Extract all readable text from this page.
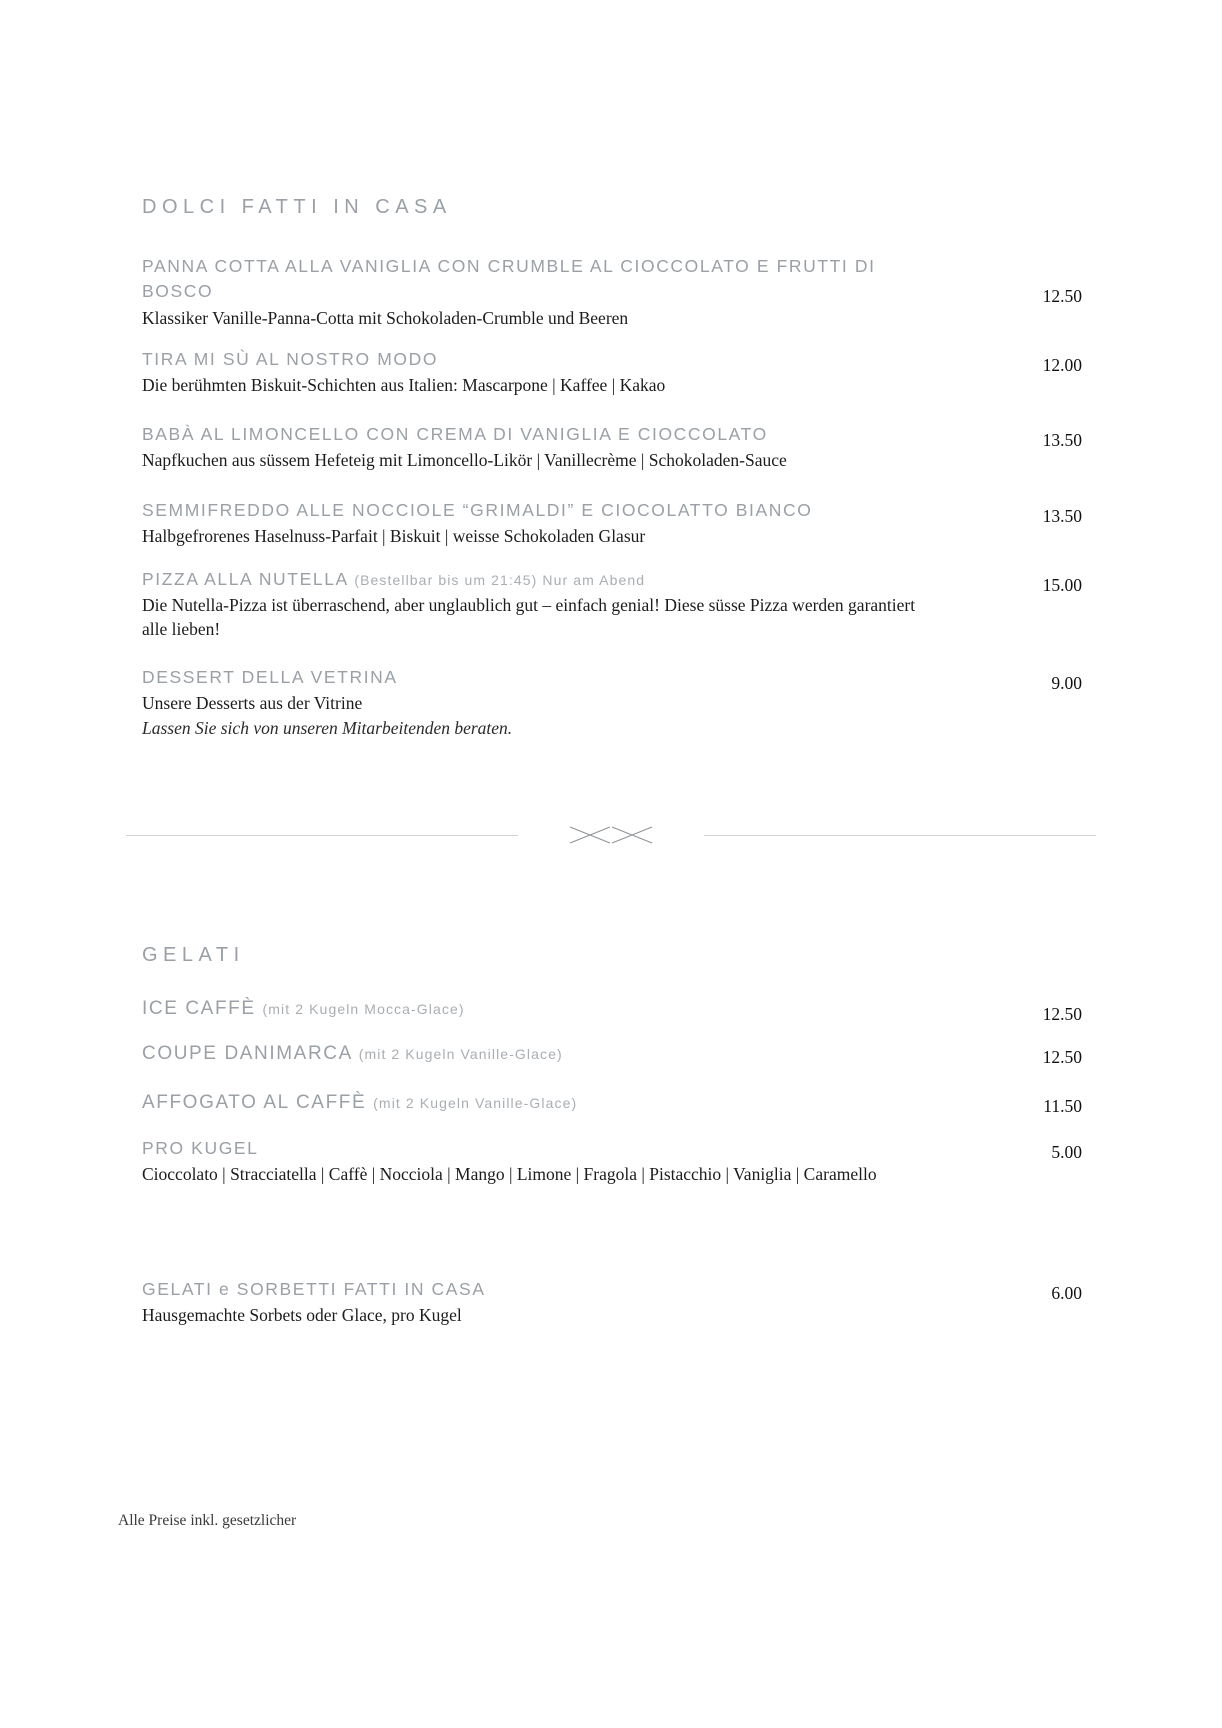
DOLCI FATTI IN CASA
PANNA COTTA ALLA VANIGLIA CON CRUMBLE AL CIOCCOLATO E FRUTTI DI BOSCO
Klassiker Vanille-Panna-Cotta mit Schokoladen-Crumble und Beeren
12.50
TIRA MI SÙ AL NOSTRO MODO
Die berühmten Biskuit-Schichten aus Italien: Mascarpone | Kaffee | Kakao
12.00
BABÀ AL LIMONCELLO CON CREMA DI VANIGLIA E CIOCCOLATO
Napfkuchen aus süssem Hefeteig mit Limoncello-Likör | Vanillecrème | Schokoladen-Sauce
13.50
SEMMIFREDDO ALLE NOCCIOLE “GRIMALDI” E CIOCOLATTO BIANCO
Halbgefrorenes Haselnuss-Parfait | Biskuit | weisse Schokoladen Glasur
13.50
PIZZA ALLA NUTELLA (Bestellbar bis um 21:45) Nur am Abend
Die Nutella-Pizza ist überraschend, aber unglaublich gut – einfach genial! Diese süsse Pizza werden garantiert alle lieben!
15.00
DESSERT DELLA VETRINA
Unsere Desserts aus der Vitrine
Lassen Sie sich von unseren Mitarbeitenden beraten.
9.00
GELATI
ICE CAFFÈ (mit 2 Kugeln Mocca-Glace)	12.50
COUPE DANIMARCA (mit 2 Kugeln Vanille-Glace)	12.50
AFFOGATO AL CAFFÈ (mit 2 Kugeln Vanille-Glace)	11.50
PRO KUGEL
Cioccolato | Stracciatella | Caffè | Nocciola | Mango | Limone | Fragola | Pistacchio | Vaniglia | Caramello
5.00
GELATI e SORBETTI FATTI IN CASA
Hausgemachte Sorbets oder Glace, pro Kugel
6.00
Alle Preise inkl. gesetzlicher
